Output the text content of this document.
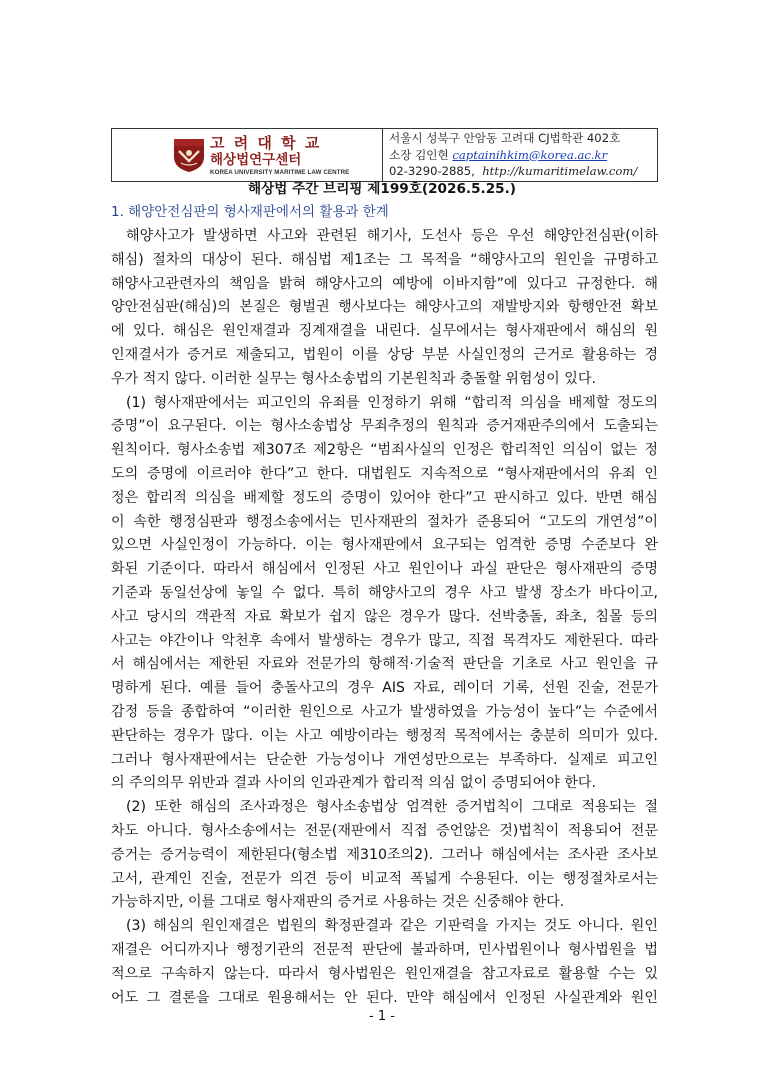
고 려 대 학 교
해상법연구센터
KOREA UNIVERSITY MARITIME LAW CENTRE
서울시 성북구 안암동 고려대 CJ법학관 402호
소장 김인현 captainihkim@korea.ac.kr
02-3290-2885, http://kumaritimelaw.com/
해상법 주간 브리핑 제199호(2026.5.25.)
1. 해양안전심판의 형사재판에서의 활용과 한계
해양사고가 발생하면 사고와 관련된 해기사, 도선사 등은 우선 해양안전심판(이하
해심) 절차의 대상이 된다. 해심법 제1조는 그 목적을 “해양사고의 원인을 규명하고
해양사고관련자의 책임을 밝혀 해양사고의 예방에 이바지함”에 있다고 규정한다. 해
양안전심판(해심)의 본질은 형벌권 행사보다는 해양사고의 재발방지와 항행안전 확보
에 있다. 해심은 원인재결과 징계재결을 내린다. 실무에서는 형사재판에서 해심의 원
인재결서가 증거로 제출되고, 법원이 이를 상당 부분 사실인정의 근거로 활용하는 경
우가 적지 않다. 이러한 실무는 형사소송법의 기본원칙과 충돌할 위험성이 있다.
(1) 형사재판에서는 피고인의 유죄를 인정하기 위해 “합리적 의심을 배제할 정도의
증명”이 요구된다. 이는 형사소송법상 무죄추정의 원칙과 증거재판주의에서 도출되는
원칙이다. 형사소송법 제307조 제2항은 “범죄사실의 인정은 합리적인 의심이 없는 정
도의 증명에 이르러야 한다”고 한다. 대법원도 지속적으로 “형사재판에서의 유죄 인
정은 합리적 의심을 배제할 정도의 증명이 있어야 한다”고 판시하고 있다. 반면 해심
이 속한 행정심판과 행정소송에서는 민사재판의 절차가 준용되어 “고도의 개연성”이
있으면 사실인정이 가능하다. 이는 형사재판에서 요구되는 엄격한 증명 수준보다 완
화된 기준이다. 따라서 해심에서 인정된 사고 원인이나 과실 판단은 형사재판의 증명
기준과 동일선상에 놓일 수 없다. 특히 해양사고의 경우 사고 발생 장소가 바다이고,
사고 당시의 객관적 자료 확보가 쉽지 않은 경우가 많다. 선박충돌, 좌초, 침몰 등의
사고는 야간이나 악천후 속에서 발생하는 경우가 많고, 직접 목격자도 제한된다. 따라
서 해심에서는 제한된 자료와 전문가의 항해적·기술적 판단을 기초로 사고 원인을 규
명하게 된다. 예를 들어 충돌사고의 경우 AIS 자료, 레이더 기록, 선원 진술, 전문가
감정 등을 종합하여 “이러한 원인으로 사고가 발생하였을 가능성이 높다”는 수준에서
판단하는 경우가 많다. 이는 사고 예방이라는 행정적 목적에서는 충분히 의미가 있다.
그러나 형사재판에서는 단순한 가능성이나 개연성만으로는 부족하다. 실제로 피고인
의 주의의무 위반과 결과 사이의 인과관계가 합리적 의심 없이 증명되어야 한다.
(2) 또한 해심의 조사과정은 형사소송법상 엄격한 증거법칙이 그대로 적용되는 절
차도 아니다. 형사소송에서는 전문(재판에서 직접 증언않은 것)법칙이 적용되어 전문
증거는 증거능력이 제한된다(형소법 제310조의2). 그러나 해심에서는 조사관 조사보
고서, 관계인 진술, 전문가 의견 등이 비교적 폭넓게 수용된다. 이는 행정절차로서는
가능하지만, 이를 그대로 형사재판의 증거로 사용하는 것은 신중해야 한다.
(3) 해심의 원인재결은 법원의 확정판결과 같은 기판력을 가지는 것도 아니다. 원인
재결은 어디까지나 행정기관의 전문적 판단에 불과하며, 민사법원이나 형사법원을 법
적으로 구속하지 않는다. 따라서 형사법원은 원인재결을 참고자료로 활용할 수는 있
어도 그 결론을 그대로 원용해서는 안 된다. 만약 해심에서 인정된 사실관계와 원인
- 1 -
